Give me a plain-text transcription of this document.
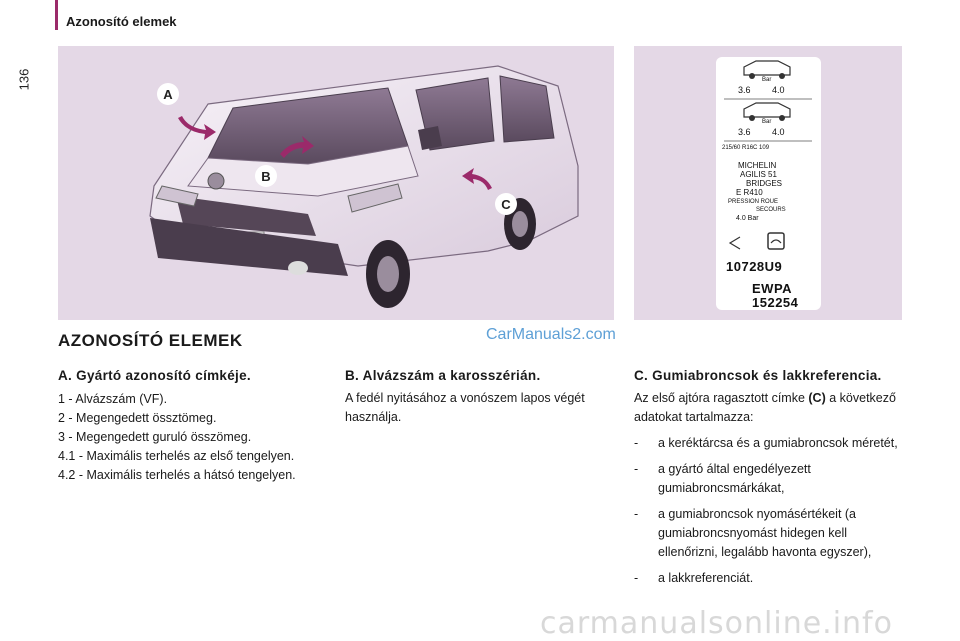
136
Azonosító elemek
A
B
C
Bar
3.6 4.0
Bar
3.6 4.0
215/60 R16C 109
MICHELIN
AGILIS 51
BRIDGES
E R410
PRESSION ROUE
SECOURS
4.0 Bar
10728U9
EWPA
152254
AZONOSÍTÓ ELEMEK	CarManuals2.com
A. Gyártó azonosító címkéje.

1 - Alvázszám (VF).

2 - Megengedett össztömeg.

3 - Megengedett guruló összömeg.

4.1 - Maximális terhelés az első tengelyen.

4.2 - Maximális terhelés a hátsó tengelyen.

B. Alvázszám a karosszérián.
A fedél nyitásához a vonószem lapos végét használja.
C. Gumiabroncsok és lakkreferencia.

Az első ajtóra ragasztott címke (C) a következő adatokat tartalmazza:

-	a keréktárcsa és a gumiabroncsok méretét,
-	a gyártó által engedélyezett gumiabroncsmárkákat,
-	a gumiabroncsok nyomásértékeit (a gumiabroncsnyomást hidegen kell ellenőrizni, legalább havonta egyszer),
-	a lakkreferenciát.
carmanualsonline.info
